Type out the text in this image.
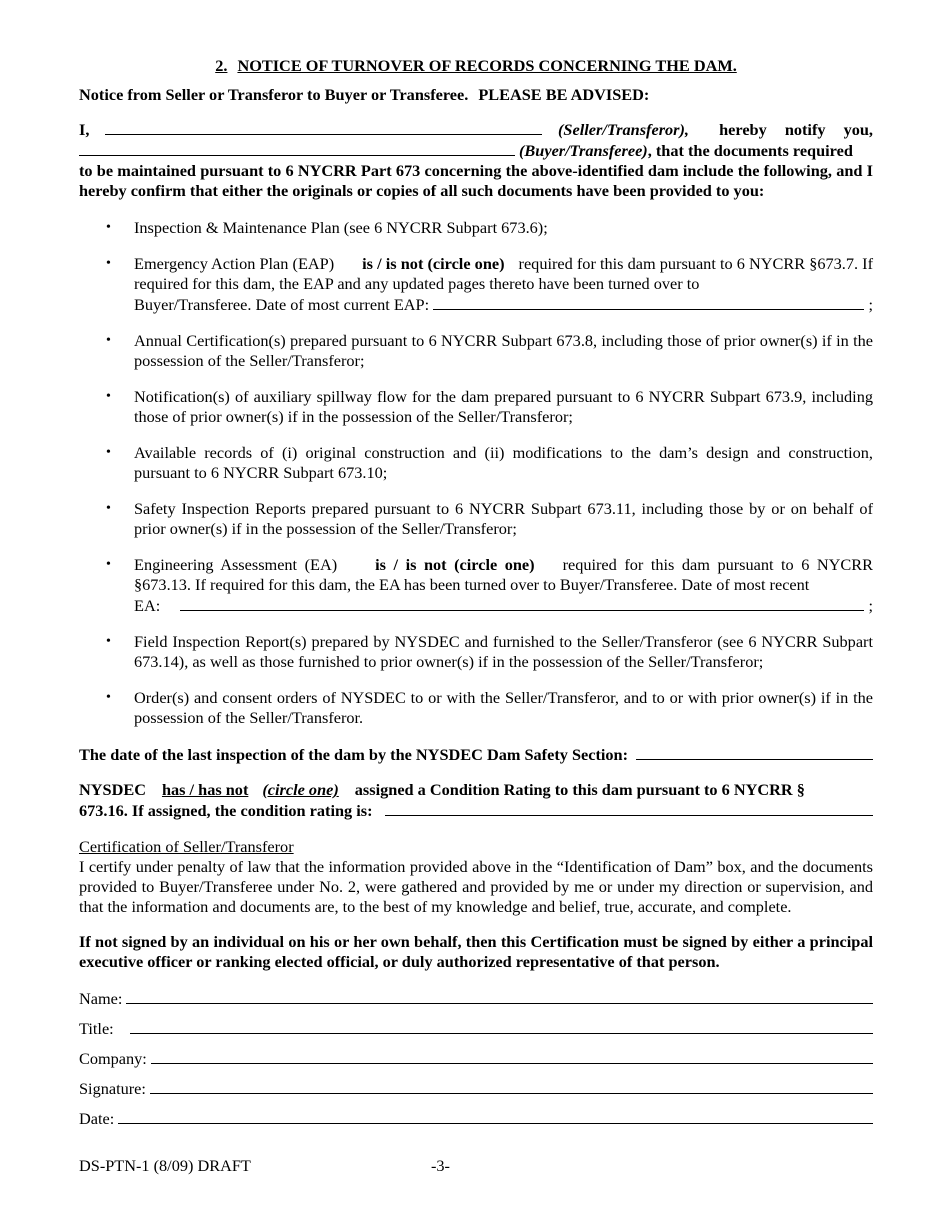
2. NOTICE OF TURNOVER OF RECORDS CONCERNING THE DAM.
Notice from Seller or Transferor to Buyer or Transferee. PLEASE BE ADVISED:
I,	(Seller/Transferor), hereby notify you,
(Buyer/Transferee) , that the documents required
to be maintained pursuant to 6 NYCRR Part 673 concerning the above-identified dam include the following, and I hereby confirm that either the originals or copies of all such documents have been provided to you:
• Inspection & Maintenance Plan (see 6 NYCRR Subpart 673.6);
• Emergency Action Plan (EAP) is / is not (circle one) required for this dam pursuant to 6 NYCRR §673.7. If required for this dam, the EAP and any updated pages thereto have been turned over to
Buyer/Transferee. Date of most current EAP:	;
• Annual Certification(s) prepared pursuant to 6 NYCRR Subpart 673.8, including those of prior owner(s) if in the possession of the Seller/Transferor;
• Notification(s) of auxiliary spillway flow for the dam prepared pursuant to 6 NYCRR Subpart 673.9, including those of prior owner(s) if in the possession of the Seller/Transferor;
• Available records of (i) original construction and (ii) modifications to the dam’s design and construction, pursuant to 6 NYCRR Subpart 673.10;
• Safety Inspection Reports prepared pursuant to 6 NYCRR Subpart 673.11, including those by or on behalf of prior owner(s) if in the possession of the Seller/Transferor;
• Engineering Assessment (EA) is / is not (circle one) required for this dam pursuant to 6 NYCRR §673.13. If required for this dam, the EA has been turned over to Buyer/Transferee. Date of most recent
EA:	;
• Field Inspection Report(s) prepared by NYSDEC and furnished to the Seller/Transferor (see 6 NYCRR Subpart 673.14), as well as those furnished to prior owner(s) if in the possession of the Seller/Transferor;
• Order(s) and consent orders of NYSDEC to or with the Seller/Transferor, and to or with prior owner(s) if in the possession of the Seller/Transferor.
The date of the last inspection of the dam by the NYSDEC Dam Safety Section:
NYSDEC has / has not (circle one) assigned a Condition Rating to this dam pursuant to 6 NYCRR §
673.16. If assigned, the condition rating is:
Certification of Seller/Transferor
I certify under penalty of law that the information provided above in the “Identification of Dam” box, and the documents provided to Buyer/Transferee under No. 2, were gathered and provided by me or under my direction or supervision, and that the information and documents are, to the best of my knowledge and belief, true, accurate, and complete.
If not signed by an individual on his or her own behalf, then this Certification must be signed by either a principal executive officer or ranking elected official, or duly authorized representative of that person.
Name:
Title:
Company:
Signature:
Date:
DS-PTN-1 (8/09) DRAFT	-3-
